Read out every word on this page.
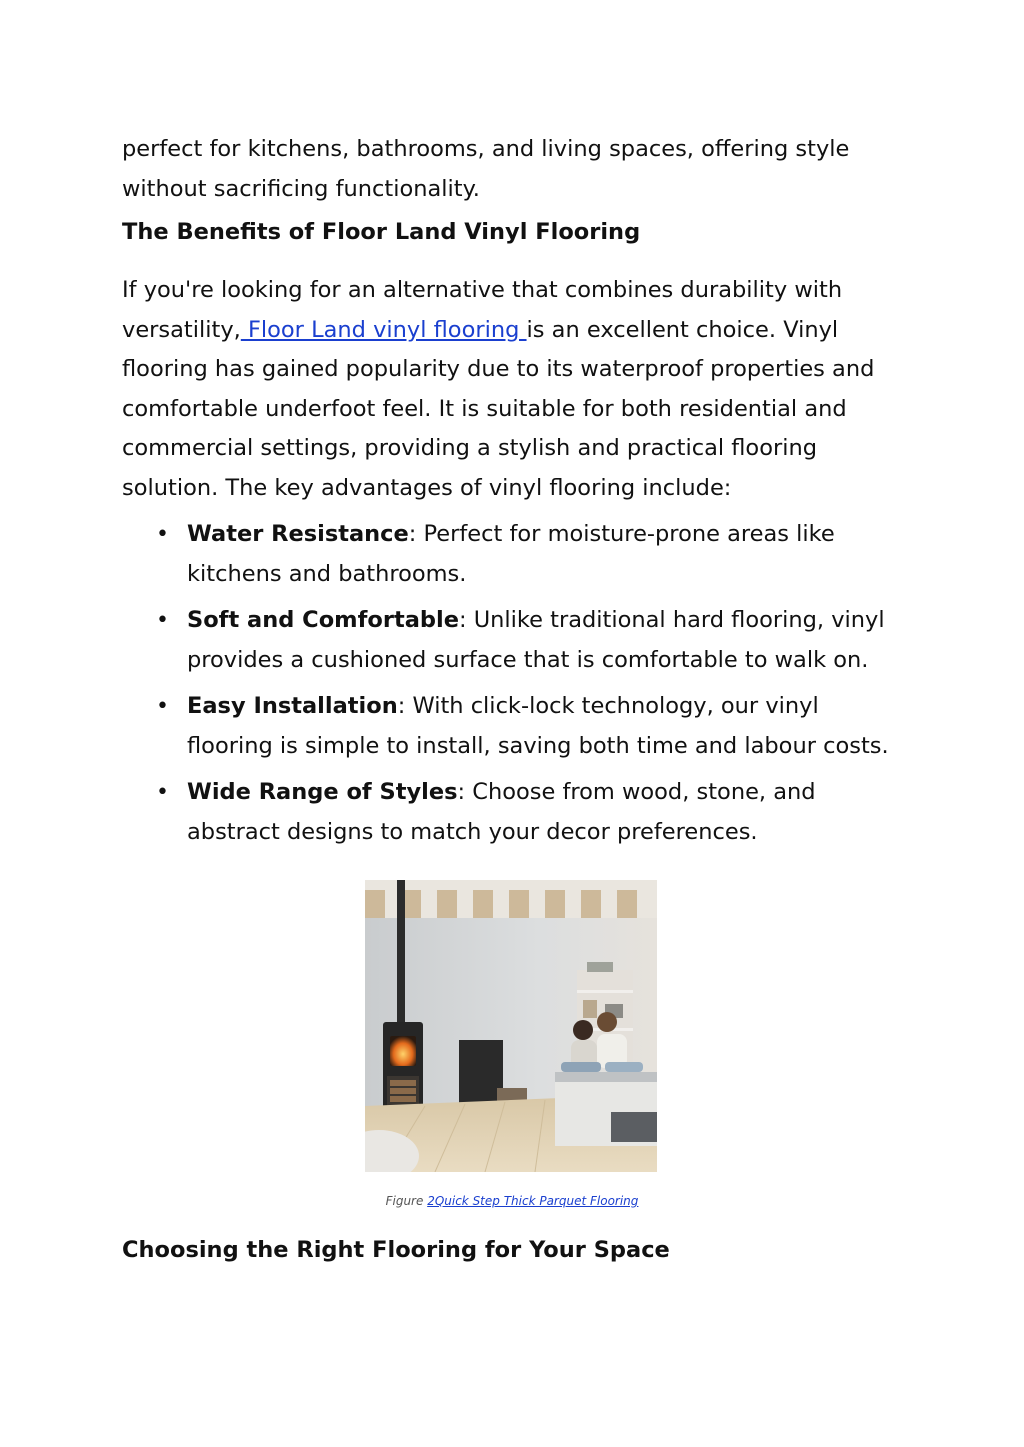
perfect for kitchens, bathrooms, and living spaces, offering style
without sacrificing functionality.

The Benefits of Floor Land Vinyl Flooring

If you're looking for an alternative that combines durability with versatility, Floor Land vinyl flooring is an excellent choice. Vinyl flooring has gained popularity due to its waterproof properties and comfortable underfoot feel. It is suitable for both residential and commercial settings, providing a stylish and practical flooring solution. The key advantages of vinyl flooring include:

• Water Resistance: Perfect for moisture-prone areas like kitchens and bathrooms.
• Soft and Comfortable: Unlike traditional hard flooring, vinyl provides a cushioned surface that is comfortable to walk on.
• Easy Installation: With click-lock technology, our vinyl flooring is simple to install, saving both time and labour costs.
• Wide Range of Styles: Choose from wood, stone, and abstract designs to match your decor preferences.
Figure 2Quick Step Thick Parquet Flooring
Choosing the Right Flooring for Your Space
